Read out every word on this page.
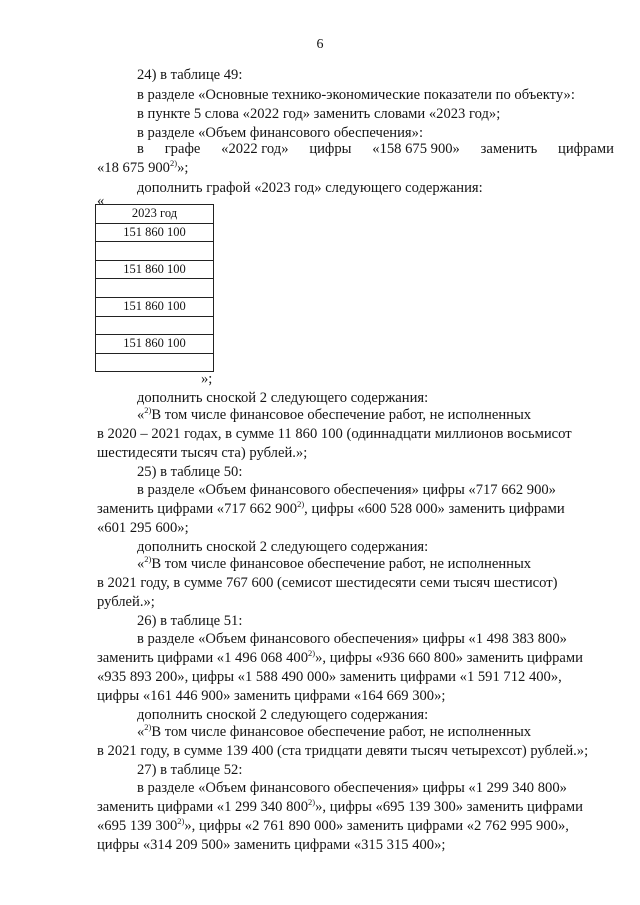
6
24) в таблице 49:
в разделе «Основные технико-экономические показатели по объекту»:
в пункте 5 слова «2022 год» заменить словами «2023 год»;
в разделе «Объем финансового обеспечения»:
в графе «2022 год» цифры «158 675 900» заменить цифрами
«18 675 900$^{2)}$»;
дополнить графой «2023 год» следующего содержания:
«
2023 год
151 860 100
151 860 100
151 860 100
151 860 100
»;
дополнить сноской 2 следующего содержания:
«$^{2)}$В том числе финансовое обеспечение работ, не исполненных
в 2020 – 2021 годах, в сумме 11 860 100 (одиннадцати миллионов восьмисот
шестидесяти тысяч ста) рублей.»;
25) в таблице 50:
в разделе «Объем финансового обеспечения» цифры «717 662 900»
заменить цифрами «717 662 900$^{2)}$, цифры «600 528 000» заменить цифрами
«601 295 600»;
дополнить сноской 2 следующего содержания:
«$^{2)}$В том числе финансовое обеспечение работ, не исполненных
в 2021 году, в сумме 767 600 (семисот шестидесяти семи тысяч шестисот)
рублей.»;
26) в таблице 51:
в разделе «Объем финансового обеспечения» цифры «1 498 383 800»
заменить цифрами «1 496 068 400$^{2)}$», цифры «936 660 800» заменить цифрами
«935 893 200», цифры «1 588 490 000» заменить цифрами «1 591 712 400»,
цифры «161 446 900» заменить цифрами «164 669 300»;
дополнить сноской 2 следующего содержания:
«$^{2)}$В том числе финансовое обеспечение работ, не исполненных
в 2021 году, в сумме 139 400 (ста тридцати девяти тысяч четырехсот) рублей.»;
27) в таблице 52:
в разделе «Объем финансового обеспечения» цифры «1 299 340 800»
заменить цифрами «1 299 340 800$^{2)}$», цифры «695 139 300» заменить цифрами
«695 139 300$^{2)}$», цифры «2 761 890 000» заменить цифрами «2 762 995 900»,
цифры «314 209 500» заменить цифрами «315 315 400»;
